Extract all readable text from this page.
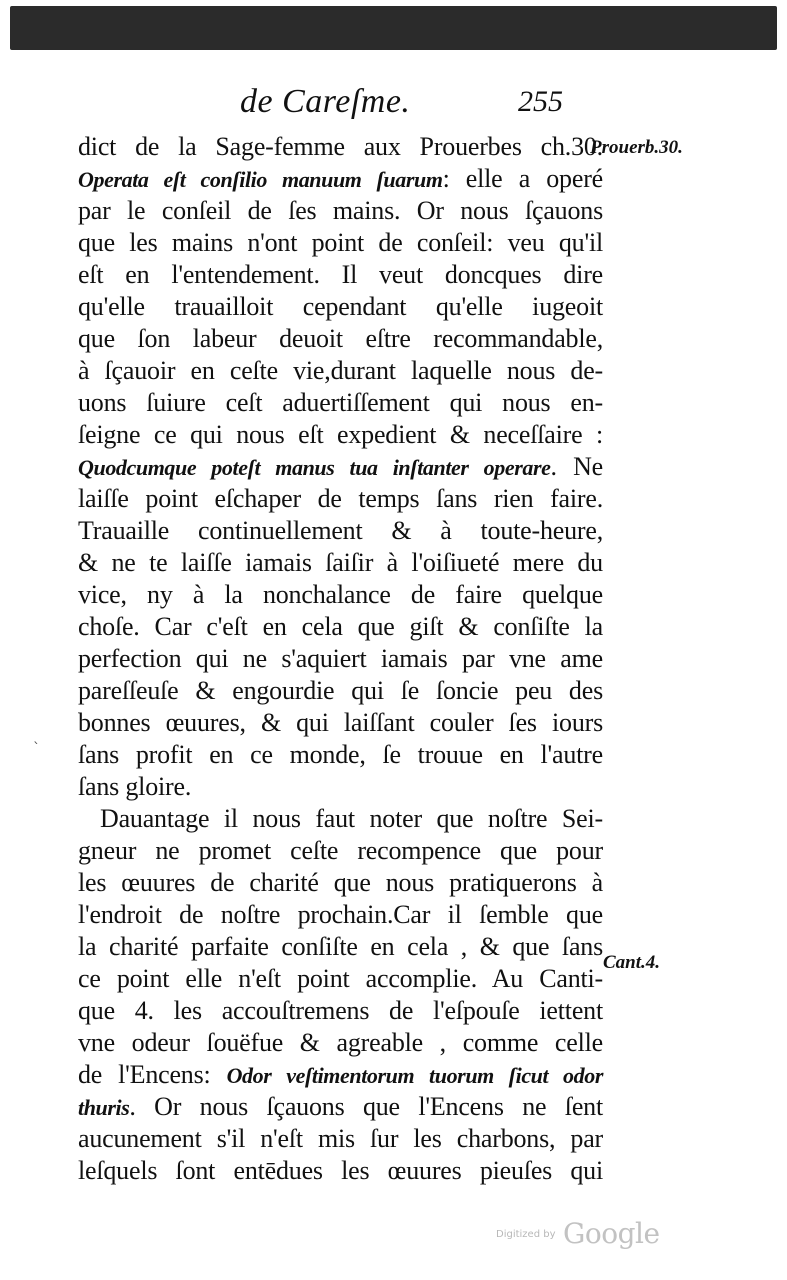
de Careſme.	255
Prouerb.30.
Cant.4.
`
dict de la Sage-femme aux Prouerbes ch.30.
Operata eſt conſilio manuum ſuarum: elle a operé
par le conſeil de ſes mains. Or nous ſçauons
que les mains n'ont point de conſeil: veu qu'il
eſt en l'entendement. Il veut doncques dire
qu'elle trauailloit cependant qu'elle iugeoit
que ſon labeur deuoit eſtre recommandable,
à ſçauoir en ceſte vie,durant laquelle nous de-
uons ſuiure ceſt aduertiſſement qui nous en-
ſeigne ce qui nous eſt expedient & neceſſaire :
Quodcumque poteſt manus tua inſtanter operare. Ne
laiſſe point eſchaper de temps ſans rien faire.
Trauaille continuellement & à toute-heure,
& ne te laiſſe iamais ſaiſir à l'oiſiueté mere du
vice, ny à la nonchalance de faire quelque
choſe. Car c'eſt en cela que giſt & conſiſte la
perfection qui ne s'aquiert iamais par vne ame
pareſſeuſe & engourdie qui ſe ſoncie peu des
bonnes œuures, & qui laiſſant couler ſes iours
ſans profit en ce monde, ſe trouue en l'autre
ſans gloire.
Dauantage il nous faut noter que noſtre Sei-
gneur ne promet ceſte recompence que pour
les œuures de charité que nous pratiquerons à
l'endroit de noſtre prochain.Car il ſemble que
la charité parfaite conſiſte en cela , & que ſans
ce point elle n'eſt point accomplie. Au Canti-
que 4. les accouſtremens de l'eſpouſe iettent
vne odeur ſouëfue & agreable , comme celle
de l'Encens: Odor veſtimentorum tuorum ſicut odor
thuris. Or nous ſçauons que l'Encens ne ſent
aucunement s'il n'eſt mis ſur les charbons, par
leſquels ſont entēdues les œuures pieuſes qui
Digitized by Google
